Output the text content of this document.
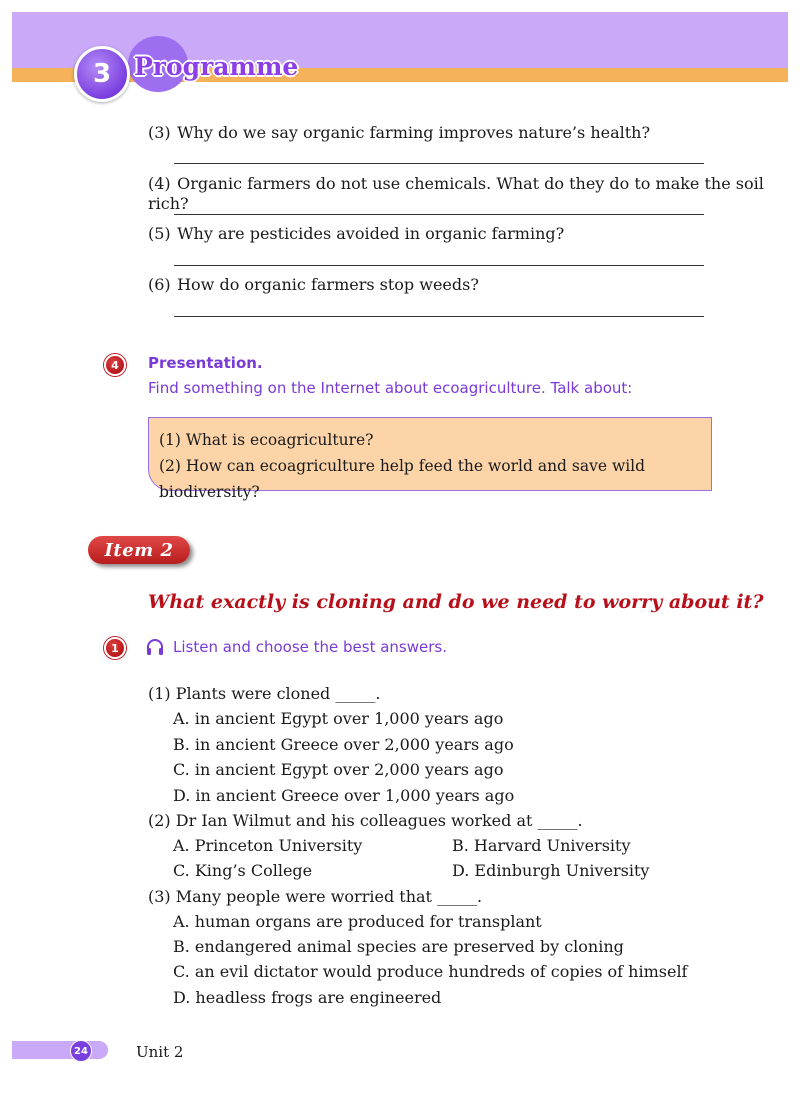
3 Programme
(3) Why do we say organic farming improves nature’s health?
(4) Organic farmers do not use chemicals. What do they do to make the soil rich?
(5) Why are pesticides avoided in organic farming?
(6) How do organic farmers stop weeds?
4	Presentation.
Find something on the Internet about ecoagriculture. Talk about:
(1) What is ecoagriculture?
(2) How can ecoagriculture help feed the world and save wild biodiversity?
Item 2
What exactly is cloning and do we need to worry about it?
1	Listen and choose the best answers.
(1) Plants were cloned _____.
A. in ancient Egypt over 1,000 years ago
B. in ancient Greece over 2,000 years ago
C. in ancient Egypt over 2,000 years ago
D. in ancient Greece over 1,000 years ago
(2) Dr Ian Wilmut and his colleagues worked at _____.
A. Princeton University	B. Harvard University
C. King’s College	D. Edinburgh University
(3) Many people were worried that _____.
A. human organs are produced for transplant
B. endangered animal species are preserved by cloning
C. an evil dictator would produce hundreds of copies of himself
D. headless frogs are engineered
24	Unit 2
